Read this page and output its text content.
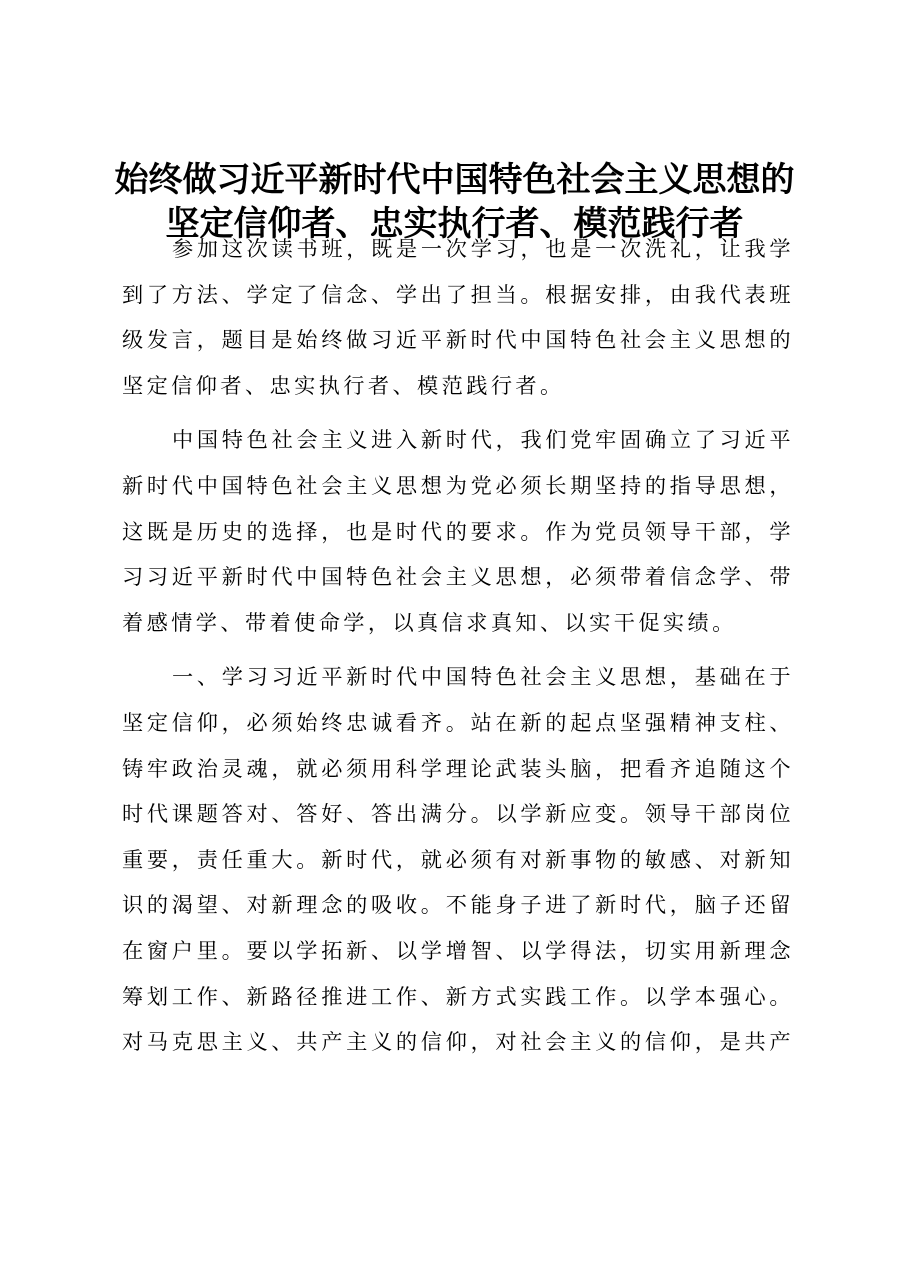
始终做习近平新时代中国特色社会主义思想的
坚定信仰者、忠实执行者、模范践行者
参加这次读书班，既是一次学习，也是一次洗礼，让我学
到了方法、学定了信念、学出了担当。根据安排，由我代表班
级发言，题目是始终做习近平新时代中国特色社会主义思想的
坚定信仰者、忠实执行者、模范践行者。
中国特色社会主义进入新时代，我们党牢固确立了习近平
新时代中国特色社会主义思想为党必须长期坚持的指导思想，
这既是历史的选择，也是时代的要求。作为党员领导干部，学
习习近平新时代中国特色社会主义思想，必须带着信念学、带
着感情学、带着使命学，以真信求真知、以实干促实绩。
一、学习习近平新时代中国特色社会主义思想，基础在于
坚定信仰，必须始终忠诚看齐。站在新的起点坚强精神支柱、
铸牢政治灵魂，就必须用科学理论武装头脑，把看齐追随这个
时代课题答对、答好、答出满分。以学新应变。领导干部岗位
重要，责任重大。新时代，就必须有对新事物的敏感、对新知
识的渴望、对新理念的吸收。不能身子进了新时代，脑子还留
在窗户里。要以学拓新、以学增智、以学得法，切实用新理念
筹划工作、新路径推进工作、新方式实践工作。以学本强心。
对马克思主义、共产主义的信仰，对社会主义的信仰，是共产
